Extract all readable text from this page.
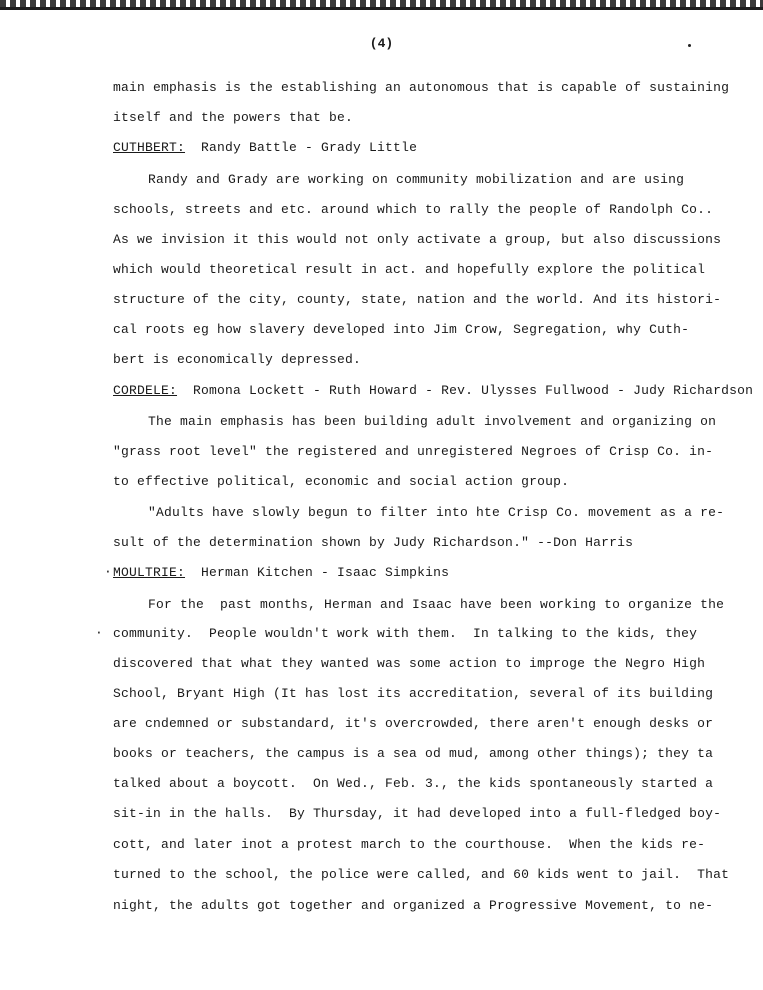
(4)
main emphasis is the establishing an autonomous that is capable of sustaining
itself and the powers that be.
CUTHBERT: Randy Battle - Grady Little
Randy and Grady are working on community mobilization and are using
schools, streets and etc. around which to rally the people of Randolph Co..
As we invision it this would not only activate a group, but also discussions
which would theoretical result in act. and hopefully explore the political
structure of the city, county, state, nation and the world. And its histori-
cal roots eg how slavery developed into Jim Crow, Segregation, why Cuth-
bert is economically depressed.
CORDELE: Romona Lockett - Ruth Howard - Rev. Ulysses Fullwood - Judy Richardson
The main emphasis has been building adult involvement and organizing on
"grass root level" the registered and unregistered Negroes of Crisp Co. in-
to effective political, economic and social action group.
"Adults have slowly begun to filter into hte Crisp Co. movement as a re-
sult of the determination shown by Judy Richardson." --Don Harris
· MOULTRIE: Herman Kitchen - Isaac Simpkins
For the  past months, Herman and Isaac have been working to organize the
· community.  People wouldn't work with them.  In talking to the kids, they
discovered that what they wanted was some action to improge the Negro High
School, Bryant High (It has lost its accreditation, several of its building
are cndemned or substandard, it's overcrowded, there aren't enough desks or
books or teachers, the campus is a sea od mud, among other things); they ta
talked about a boycott.  On Wed., Feb. 3., the kids spontaneously started a
sit-in in the halls.  By Thursday, it had developed into a full-fledged boy-
cott, and later inot a protest march to the courthouse.  When the kids re-
turned to the school, the police were called, and 60 kids went to jail.  That
night, the adults got together and organized a Progressive Movement, to ne-
